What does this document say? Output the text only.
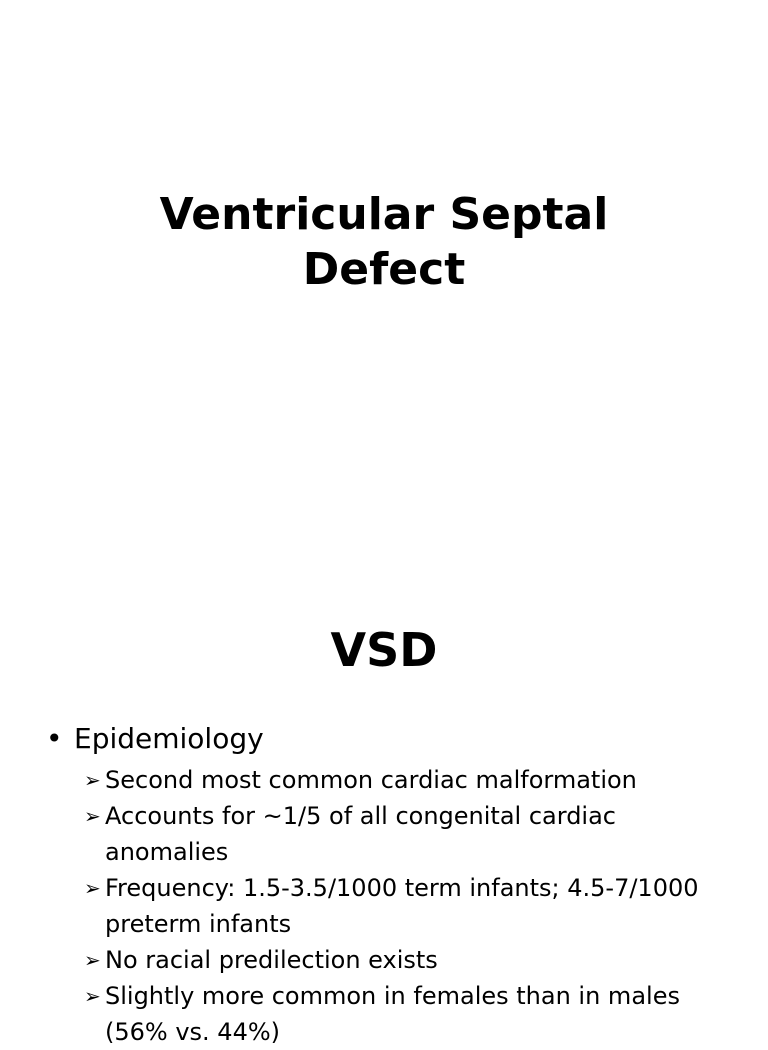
Ventricular Septal
Defect
VSD
• Epidemiology
➢ Second most common cardiac malformation
➢ Accounts for ~1/5 of all congenital cardiac anomalies
➢ Frequency: 1.5-3.5/1000 term infants; 4.5-7/1000 preterm infants
➢ No racial predilection exists
➢ Slightly more common in females than in males (56% vs. 44%)
